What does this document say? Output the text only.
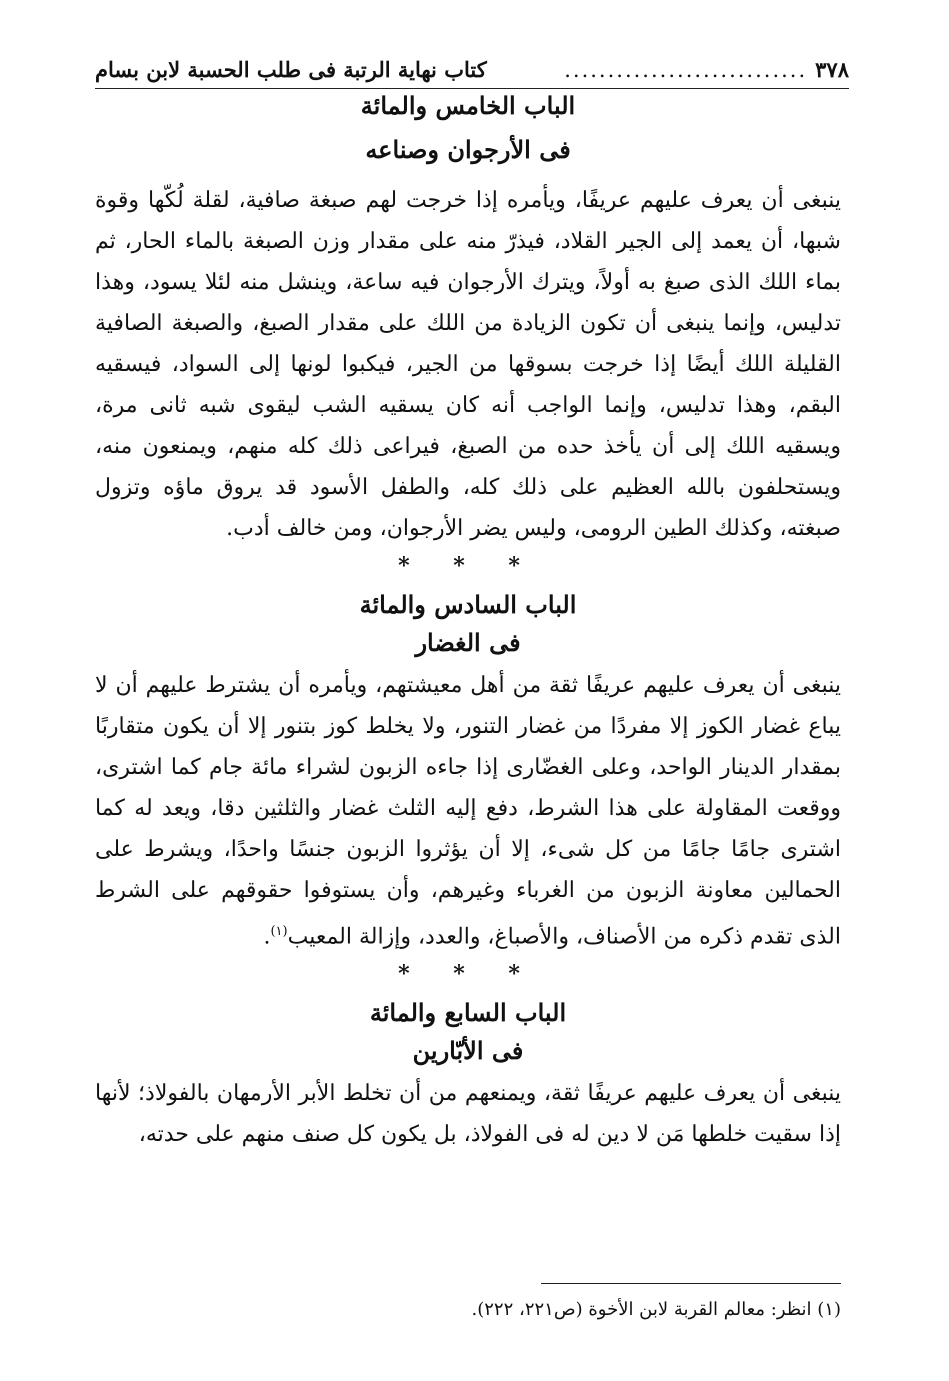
٣٧٨
............................
كتاب نهاية الرتبة فى طلب الحسبة لابن بسام
الباب الخامس والمائة
فى الأرجوان وصناعه

ينبغى أن يعرف عليهم عريفًا، ويأمره إذا خرجت لهم صبغة صافية، لقلة لُكّها وقوة شبها، أن يعمد إلى الجير القلاد، فيذرّ منه على مقدار وزن الصبغة بالماء الحار، ثم بماء اللك الذى صبغ به أولاً، ويترك الأرجوان فيه ساعة، وينشل منه لئلا يسود، وهذا تدليس، وإنما ينبغى أن تكون الزيادة من اللك على مقدار الصبغ، والصبغة الصافية القليلة اللك أيضًا إذا خرجت بسوقها من الجير، فيكبوا لونها إلى السواد، فيسقيه البقم، وهذا تدليس، وإنما الواجب أنه كان يسقيه الشب ليقوى شبه ثانى مرة، ويسقيه اللك إلى أن يأخذ حده من الصبغ، فيراعى ذلك كله منهم، ويمنعون منه، ويستحلفون بالله العظيم على ذلك كله، والطفل الأسود قد يروق ماؤه وتزول صبغته، وكذلك الطين الرومى، وليس يضر الأرجوان، ومن خالف أدب.

* * *
الباب السادس والمائة
فى الغضار

ينبغى أن يعرف عليهم عريفًا ثقة من أهل معيشتهم، ويأمره أن يشترط عليهم أن لا يباع غضار الكوز إلا مفردًا من غضار التنور، ولا يخلط كوز بتنور إلا أن يكون متقاربًا بمقدار الدينار الواحد، وعلى الغضّارى إذا جاءه الزبون لشراء مائة جام كما اشترى، ووقعت المقاولة على هذا الشرط، دفع إليه الثلث غضار والثلثين دقا، ويعد له كما اشترى جامًا جامًا من كل شىء، إلا أن يؤثروا الزبون جنسًا واحدًا، ويشرط على الحمالين معاونة الزبون من الغرباء وغيرهم، وأن يستوفوا حقوقهم على الشرط الذى تقدم ذكره من الأصناف، والأصباغ، والعدد، وإزالة المعيب$^{(١)}$.

* * *
الباب السابع والمائة
فى الأبّارين

ينبغى أن يعرف عليهم عريفًا ثقة، ويمنعهم من أن تخلط الأبر الأرمهان بالفولاذ؛ لأنها إذا سقيت خلطها مَن لا دين له فى الفولاذ، بل يكون كل صنف منهم على حدته،

(١) انظر: معالم القربة لابن الأخوة (ص٢٢١، ٢٢٢).
